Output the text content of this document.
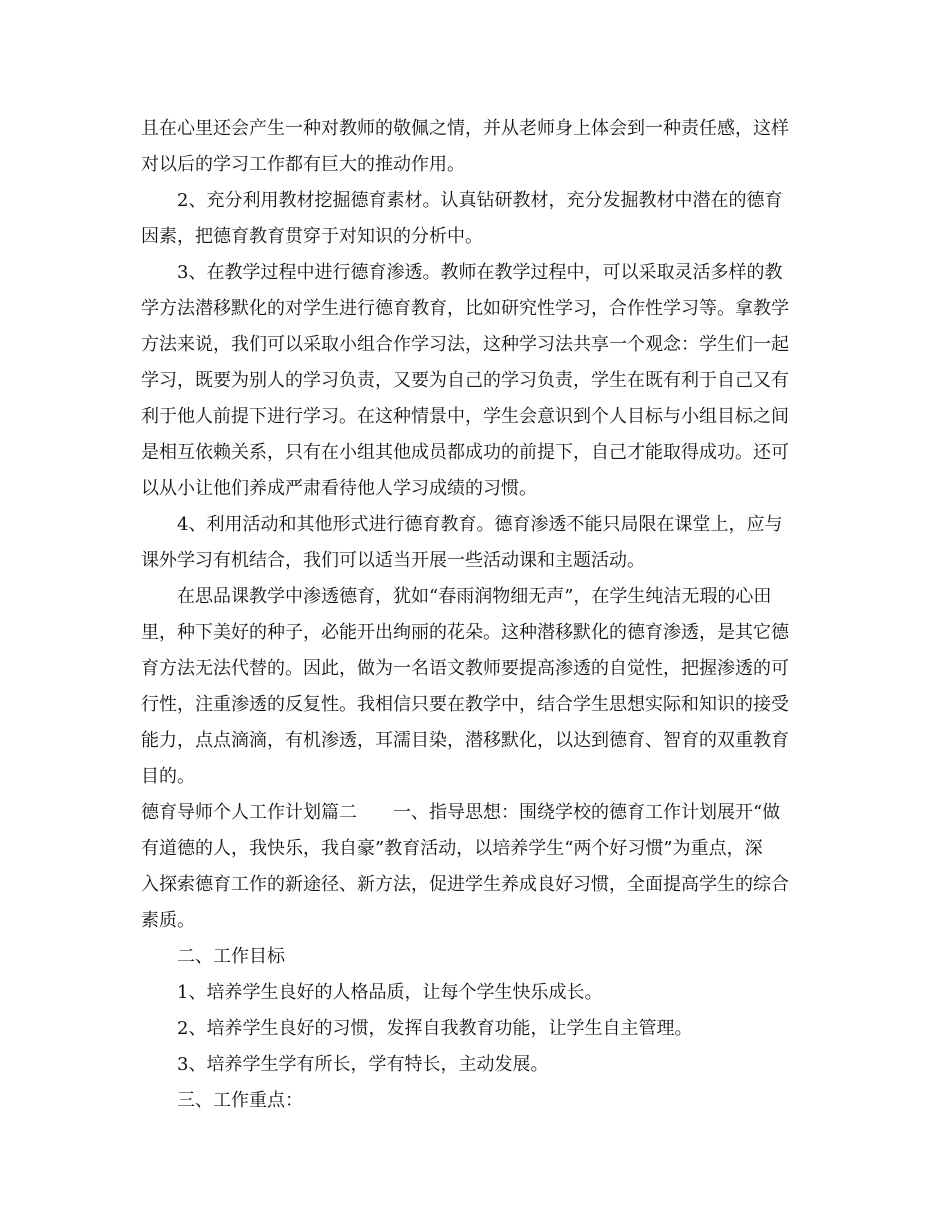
且在心里还会产生一种对教师的敬佩之情，并从老师身上体会到一种责任感，这样
对以后的学习工作都有巨大的推动作用。
2、充分利用教材挖掘德育素材。认真钻研教材，充分发掘教材中潜在的德育
因素，把德育教育贯穿于对知识的分析中。
3、在教学过程中进行德育渗透。教师在教学过程中，可以采取灵活多样的教
学方法潜移默化的对学生进行德育教育，比如研究性学习，合作性学习等。拿教学
方法来说，我们可以采取小组合作学习法，这种学习法共享一个观念：学生们一起
学习，既要为别人的学习负责，又要为自己的学习负责，学生在既有利于自己又有
利于他人前提下进行学习。在这种情景中，学生会意识到个人目标与小组目标之间
是相互依赖关系，只有在小组其他成员都成功的前提下，自己才能取得成功。还可
以从小让他们养成严肃看待他人学习成绩的习惯。
4、利用活动和其他形式进行德育教育。德育渗透不能只局限在课堂上，应与
课外学习有机结合，我们可以适当开展一些活动课和主题活动。
在思品课教学中渗透德育，犹如“春雨润物细无声”，在学生纯洁无瑕的心田
里，种下美好的种子，必能开出绚丽的花朵。这种潜移默化的德育渗透，是其它德
育方法无法代替的。因此，做为一名语文教师要提高渗透的自觉性，把握渗透的可
行性，注重渗透的反复性。我相信只要在教学中，结合学生思想实际和知识的接受
能力，点点滴滴，有机渗透，耳濡目染，潜移默化，以达到德育、智育的双重教育
目的。
德育导师个人工作计划篇二　　一、指导思想：围绕学校的德育工作计划展开“做
有道德的人，我快乐，我自豪”教育活动，以培养学生“两个好习惯”为重点，深
入探索德育工作的新途径、新方法，促进学生养成良好习惯，全面提高学生的综合
素质。
二、工作目标
1、培养学生良好的人格品质，让每个学生快乐成长。
2、培养学生良好的习惯，发挥自我教育功能，让学生自主管理。
3、培养学生学有所长，学有特长，主动发展。
三、工作重点：
